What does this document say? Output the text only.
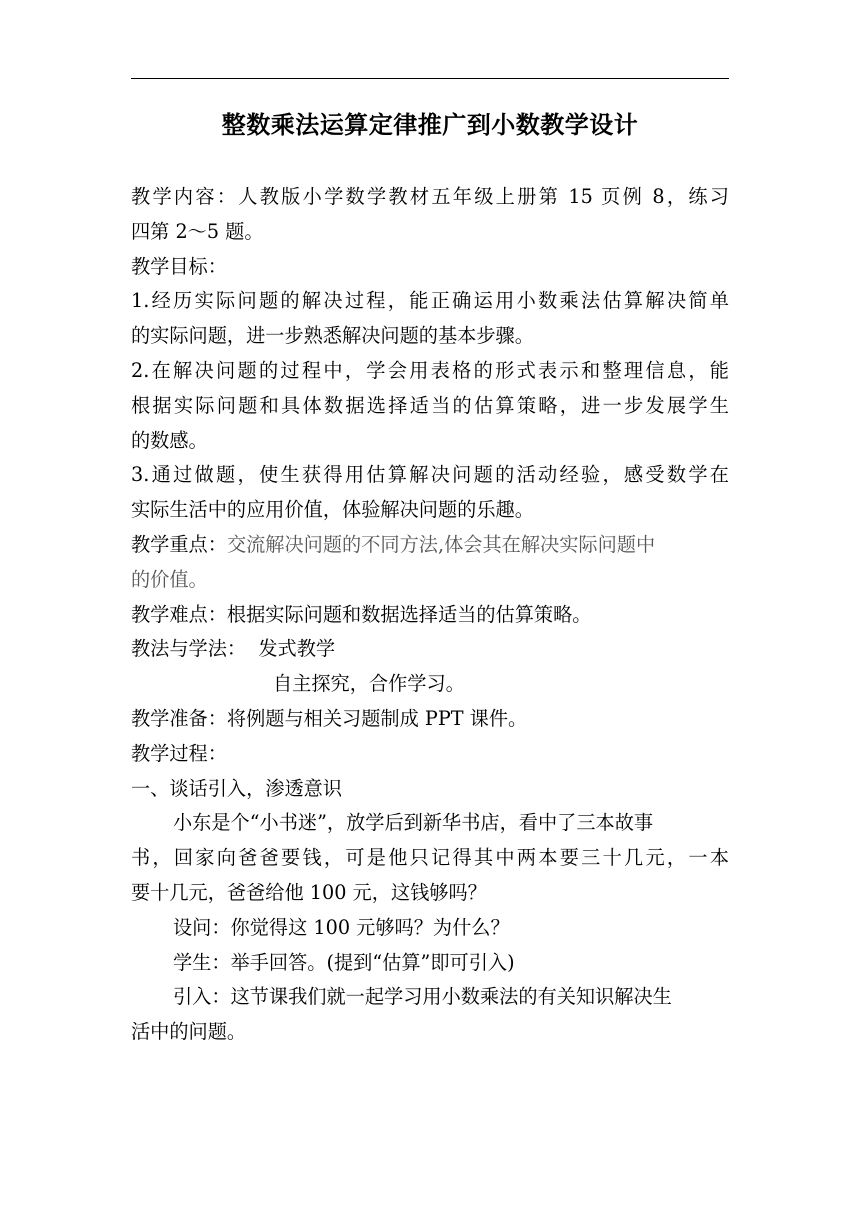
整数乘法运算定律推广到小数教学设计
教学内容：人教版小学数学教材五年级上册第 15 页例 8，练习
四第 2～5 题。
教学目标：
1.经历实际问题的解决过程，能正确运用小数乘法估算解决简单
的实际问题，进一步熟悉解决问题的基本步骤。
2.在解决问题的过程中，学会用表格的形式表示和整理信息，能
根据实际问题和具体数据选择适当的估算策略，进一步发展学生
的数感。
3.通过做题，使生获得用估算解决问题的活动经验，感受数学在
实际生活中的应用价值，体验解决问题的乐趣。
教学重点：交流解决问题的不同方法,体会其在解决实际问题中
的价值。
教学难点：根据实际问题和数据选择适当的估算策略。
教法与学法：  发式教学
自主探究，合作学习。
教学准备：将例题与相关习题制成 PPT 课件。
教学过程：
一、谈话引入，渗透意识
小东是个“小书迷”，放学后到新华书店，看中了三本故事
书，回家向爸爸要钱，可是他只记得其中两本要三十几元，一本
要十几元，爸爸给他 100 元，这钱够吗？
设问：你觉得这 100 元够吗？为什么？
学生：举手回答。(提到“估算”即可引入)
引入：这节课我们就一起学习用小数乘法的有关知识解决生
活中的问题。
